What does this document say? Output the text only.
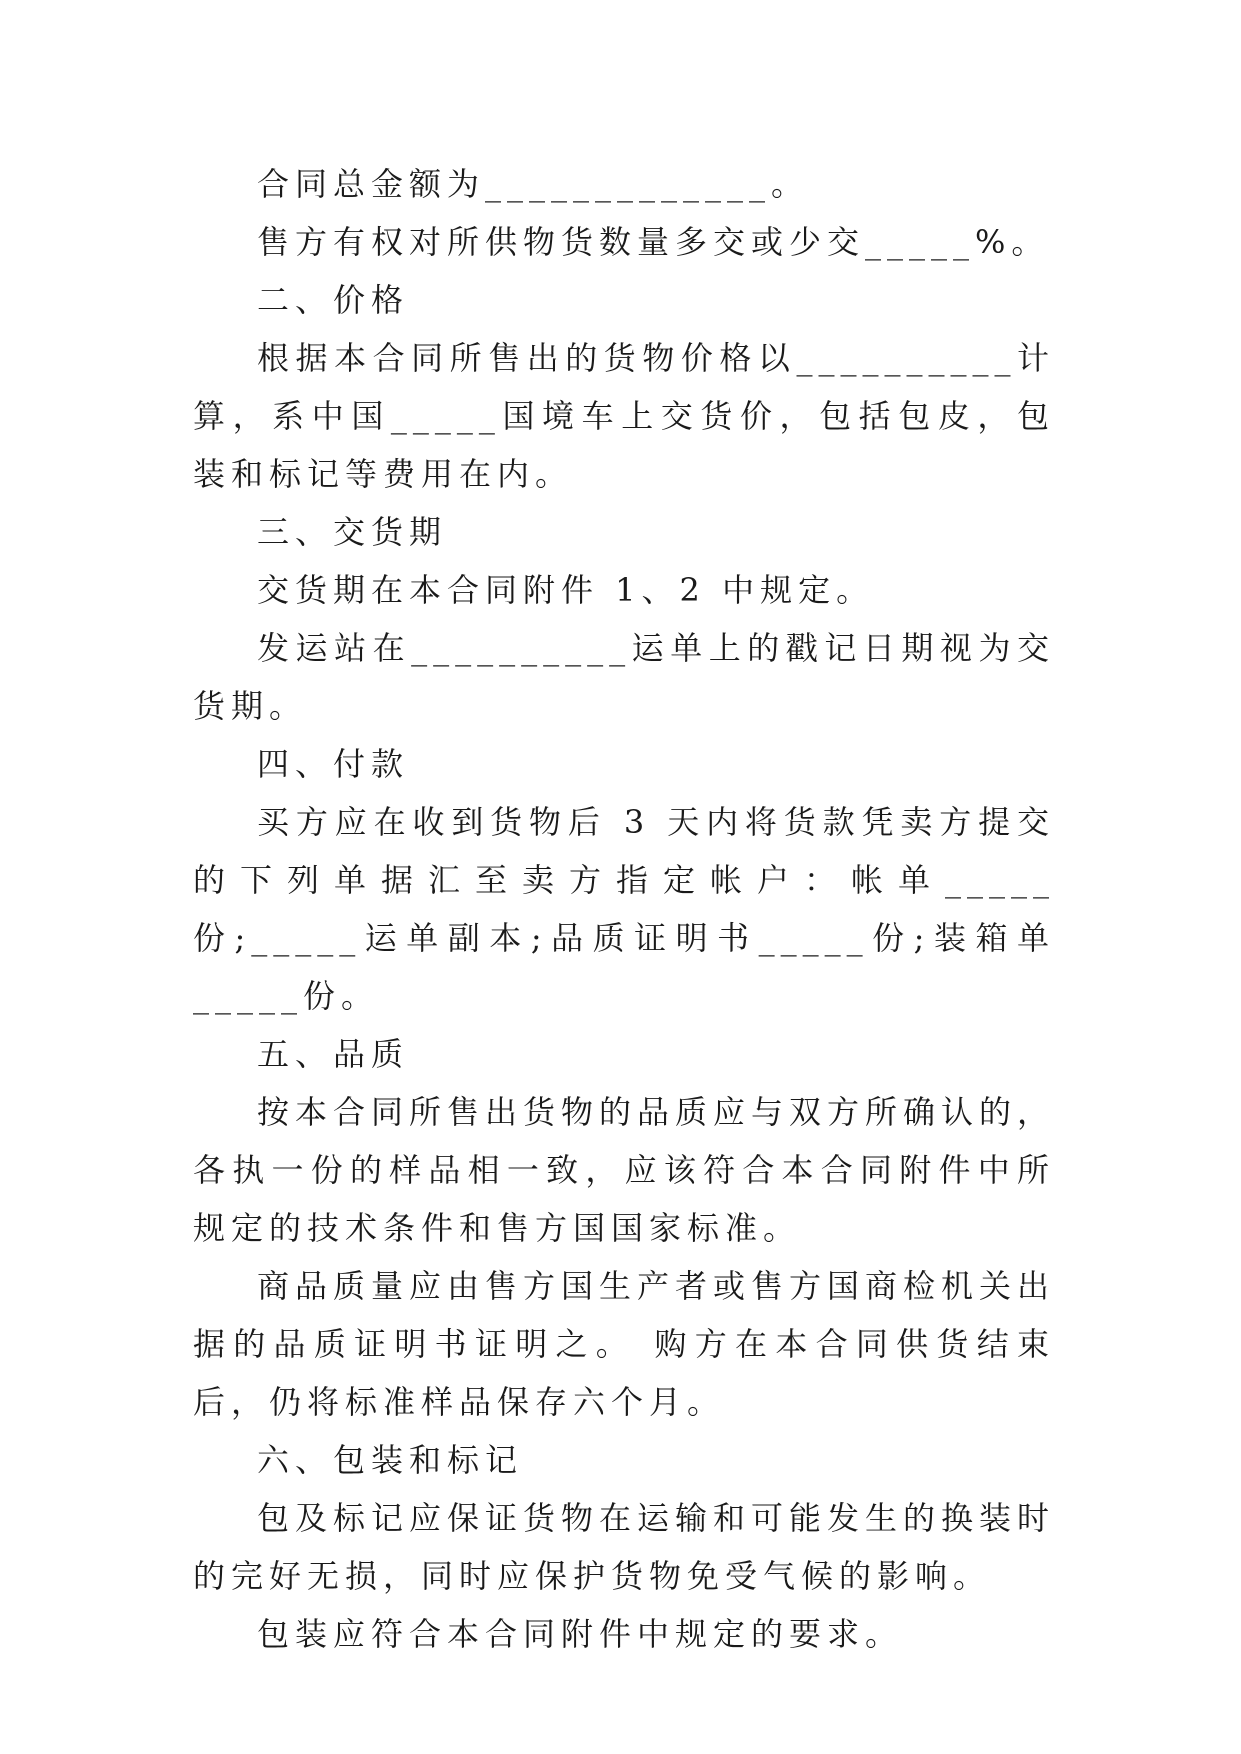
合同总金额为_____________。

售方有权对所供物货数量多交或少交_____%。

二、价格

根据本合同所售出的货物价格以__________计算，系中国_____国境车上交货价，包括包皮，包装和标记等费用在内。

三、交货期

交货期在本合同附件 1、2 中规定。

发运站在__________运单上的戳记日期视为交货期。

四、付款

买方应在收到货物后 3 天内将货款凭卖方提交的下列单据汇至卖方指定帐户：帐单_____份;_____运单副本;品质证明书_____份;装箱单_____份。

五、品质

按本合同所售出货物的品质应与双方所确认的，各执一份的样品相一致，应该符合本合同附件中所规定的技术条件和售方国国家标准。

商品质量应由售方国生产者或售方国商检机关出据的品质证明书证明之。 购方在本合同供货结束后，仍将标准样品保存六个月。

六、包装和标记

包及标记应保证货物在运输和可能发生的换装时的完好无损，同时应保护货物免受气候的影响。

包装应符合本合同附件中规定的要求。
